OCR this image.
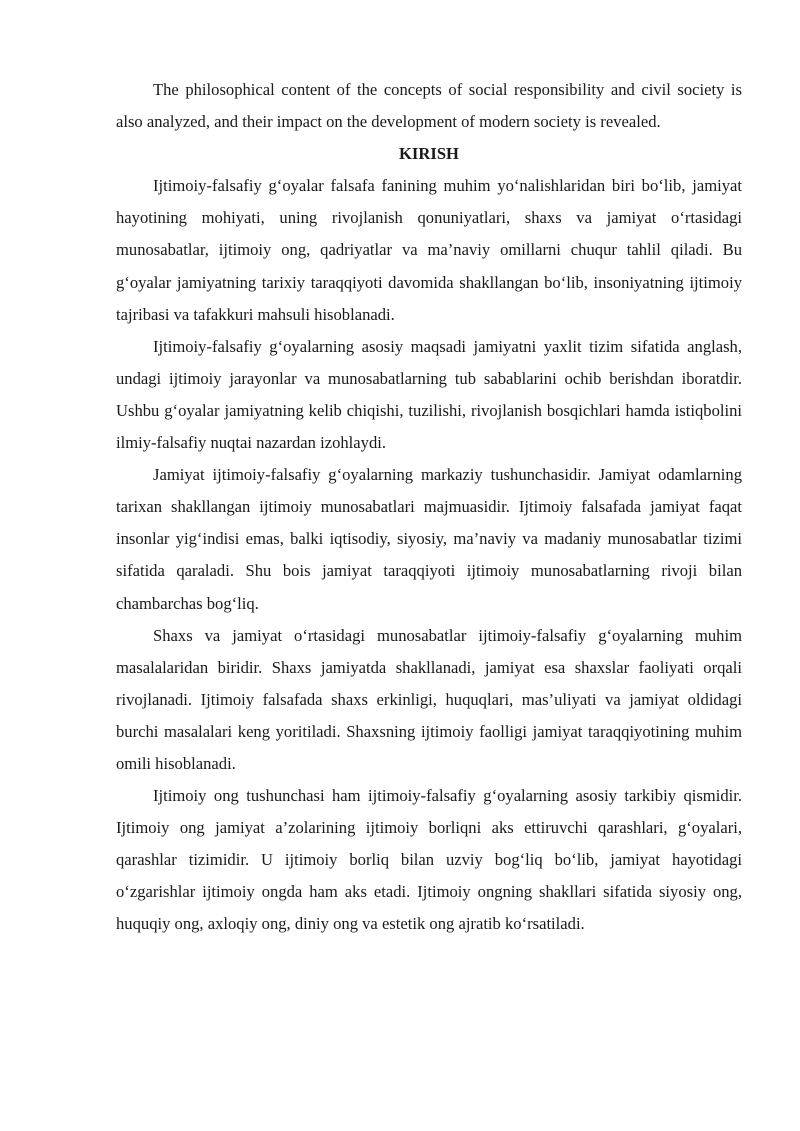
The philosophical content of the concepts of social responsibility and civil society is also analyzed, and their impact on the development of modern society is revealed.

KIRISH

Ijtimoiy-falsafiy g‘oyalar falsafa fanining muhim yo‘nalishlaridan biri bo‘lib, jamiyat hayotining mohiyati, uning rivojlanish qonuniyatlari, shaxs va jamiyat o‘rtasidagi munosabatlar, ijtimoiy ong, qadriyatlar va ma’naviy omillarni chuqur tahlil qiladi. Bu g‘oyalar jamiyatning tarixiy taraqqiyoti davomida shakllangan bo‘lib, insoniyatning ijtimoiy tajribasi va tafakkuri mahsuli hisoblanadi.

Ijtimoiy-falsafiy g‘oyalarning asosiy maqsadi jamiyatni yaxlit tizim sifatida anglash, undagi ijtimoiy jarayonlar va munosabatlarning tub sabablarini ochib berishdan iboratdir. Ushbu g‘oyalar jamiyatning kelib chiqishi, tuzilishi, rivojlanish bosqichlari hamda istiqbolini ilmiy-falsafiy nuqtai nazardan izohlaydi.

Jamiyat ijtimoiy-falsafiy g‘oyalarning markaziy tushunchasidir. Jamiyat odamlarning tarixan shakllangan ijtimoiy munosabatlari majmuasidir. Ijtimoiy falsafada jamiyat faqat insonlar yig‘indisi emas, balki iqtisodiy, siyosiy, ma’naviy va madaniy munosabatlar tizimi sifatida qaraladi. Shu bois jamiyat taraqqiyoti ijtimoiy munosabatlarning rivoji bilan chambarchas bog‘liq.

Shaxs va jamiyat o‘rtasidagi munosabatlar ijtimoiy-falsafiy g‘oyalarning muhim masalalaridan biridir. Shaxs jamiyatda shakllanadi, jamiyat esa shaxslar faoliyati orqali rivojlanadi. Ijtimoiy falsafada shaxs erkinligi, huquqlari, mas’uliyati va jamiyat oldidagi burchi masalalari keng yoritiladi. Shaxsning ijtimoiy faolligi jamiyat taraqqiyotining muhim omili hisoblanadi.

Ijtimoiy ong tushunchasi ham ijtimoiy-falsafiy g‘oyalarning asosiy tarkibiy qismidir. Ijtimoiy ong jamiyat a’zolarining ijtimoiy borliqni aks ettiruvchi qarashlari, g‘oyalari, qarashlar tizimidir. U ijtimoiy borliq bilan uzviy bog‘liq bo‘lib, jamiyat hayotidagi o‘zgarishlar ijtimoiy ongda ham aks etadi. Ijtimoiy ongning shakllari sifatida siyosiy ong, huquqiy ong, axloqiy ong, diniy ong va estetik ong ajratib ko‘rsatiladi.
